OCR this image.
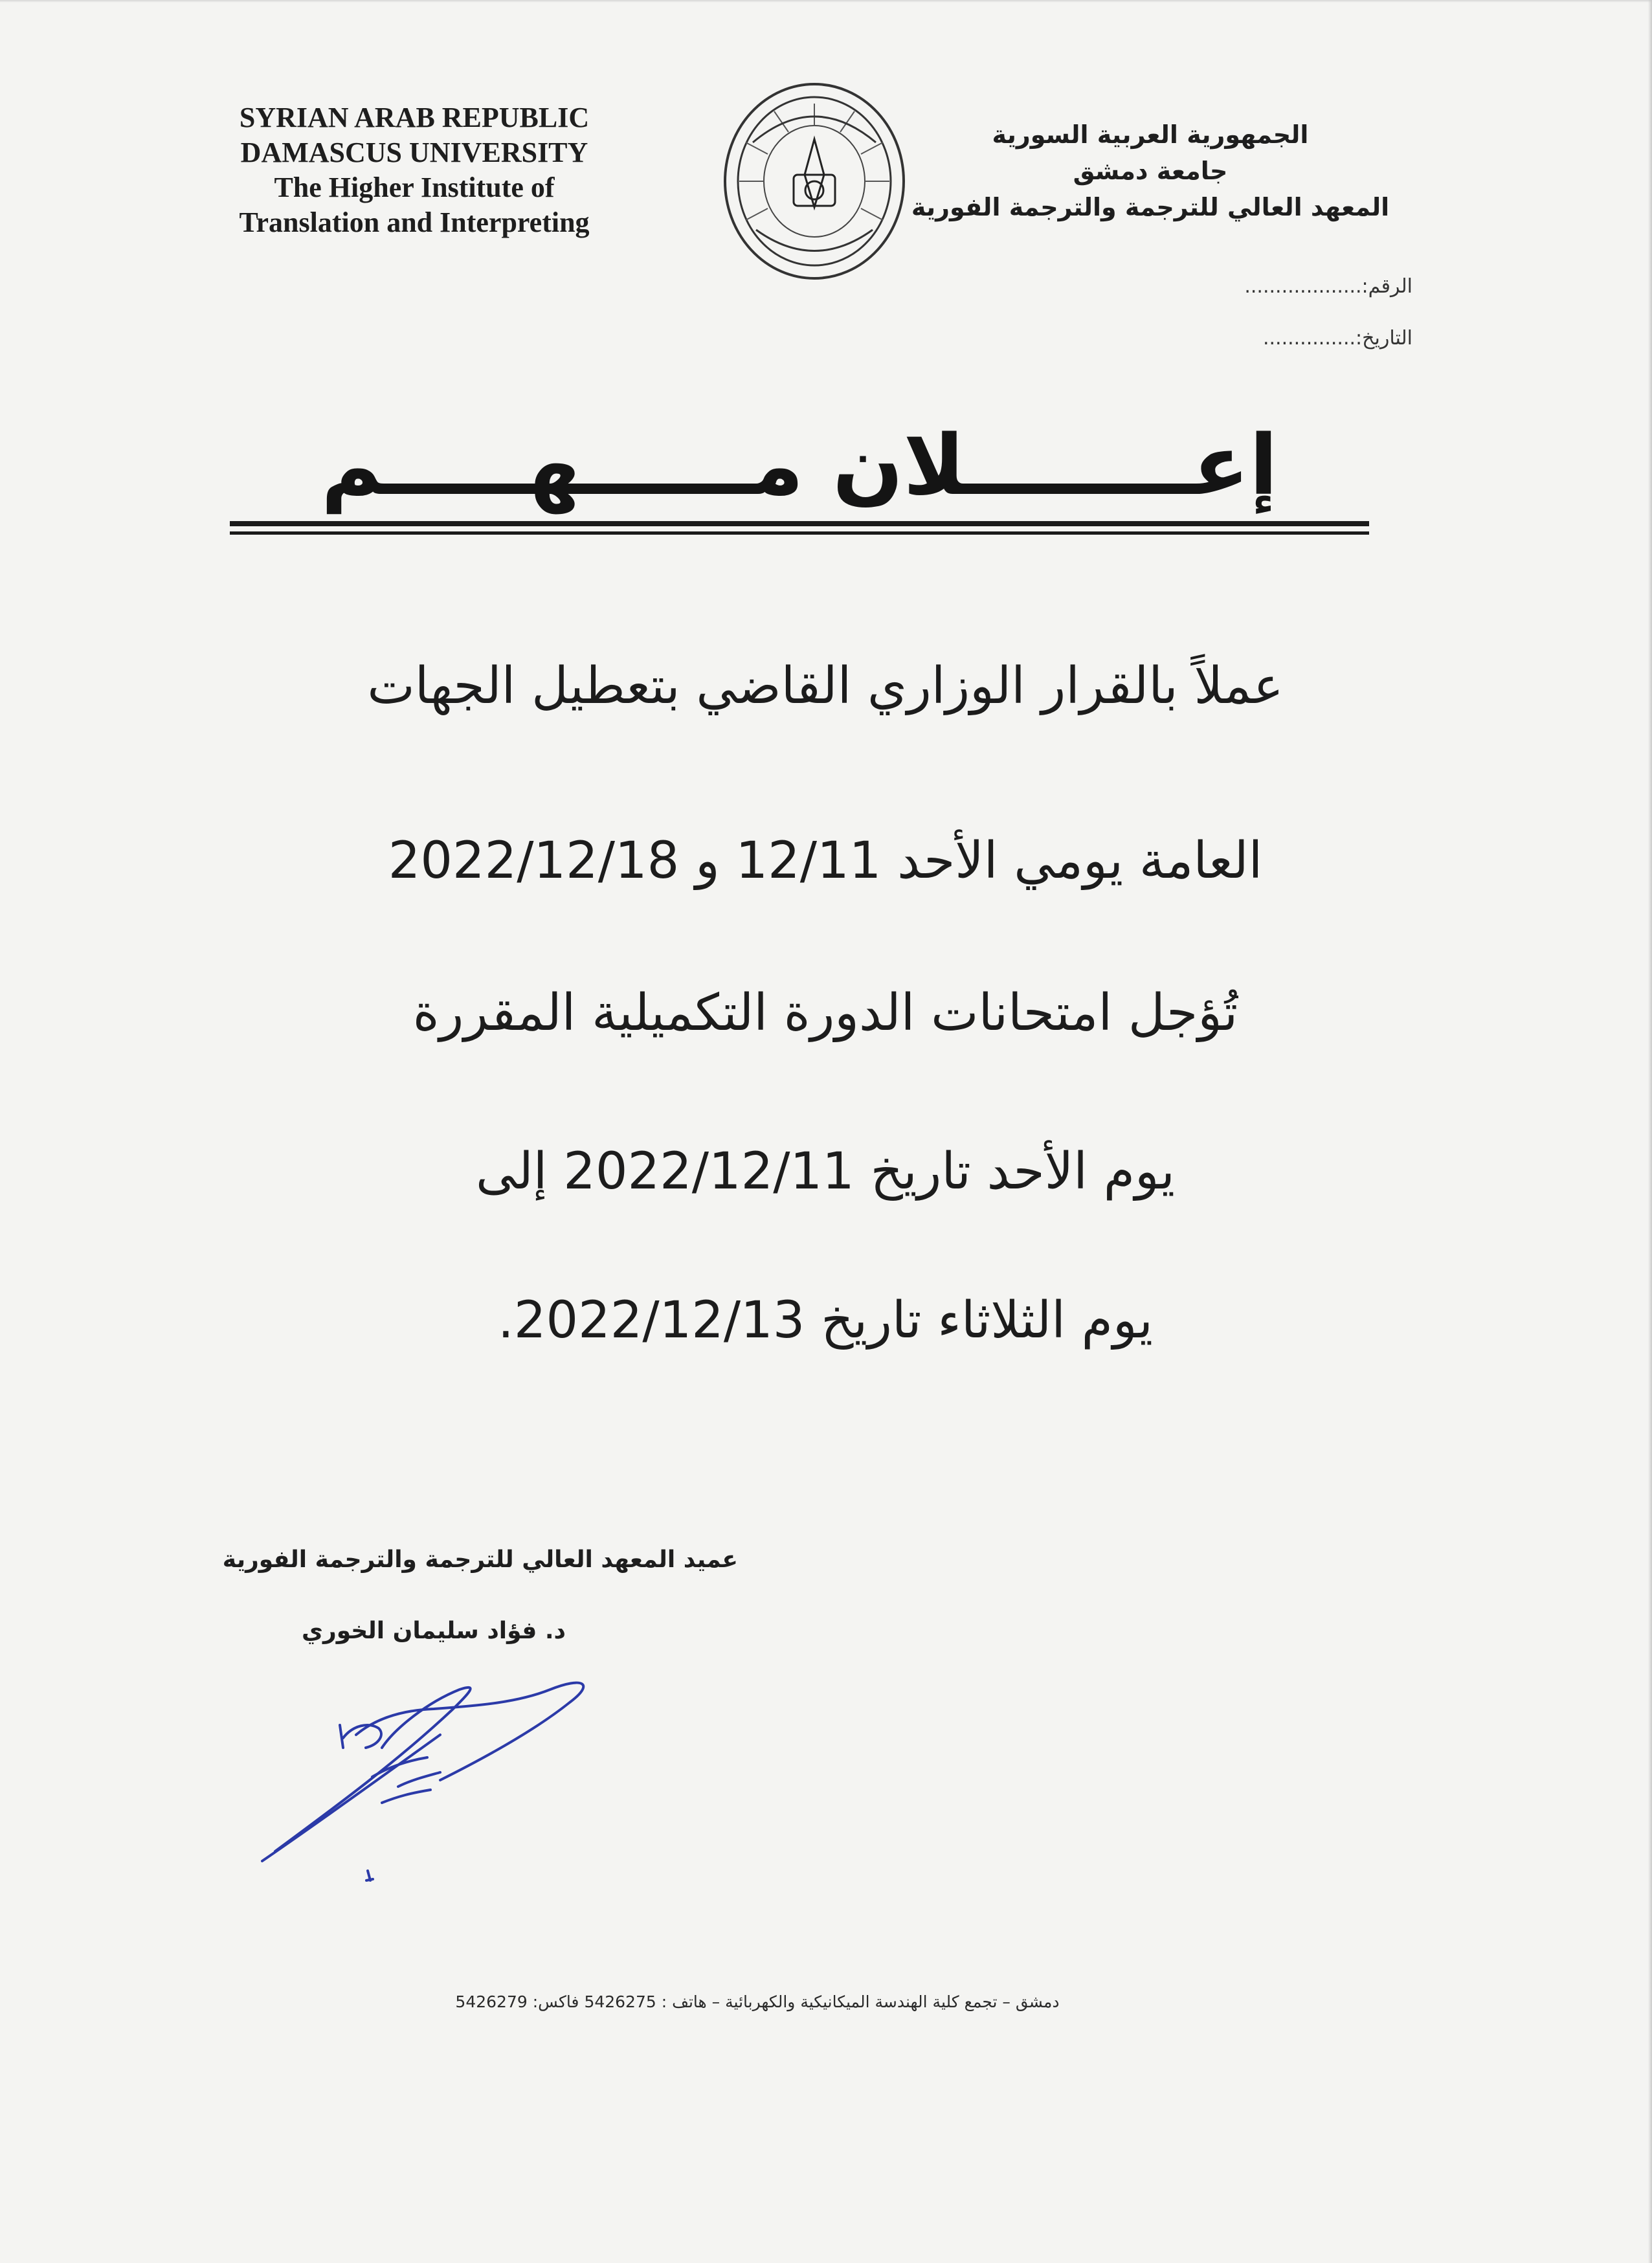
SYRIAN ARAB REPUBLIC
DAMASCUS UNIVERSITY
The Higher Institute of
Translation and Interpreting
الجمهورية العربية السورية
جامعة دمشق
المعهد العالي للترجمة والترجمة الفورية
الرقم:...................
التاريخ:...............
إعــــــــلان مــــــهـــــم
عملاً بالقرار الوزاري القاضي بتعطيل الجهات
العامة يومي الأحد 12/11 و 2022/12/18
تُؤجل امتحانات الدورة التكميلية المقررة
يوم الأحد تاريخ 2022/12/11 إلى
يوم الثلاثاء تاريخ 2022/12/13.
عميد المعهد العالي للترجمة والترجمة الفورية
د. فؤاد سليمان الخوري
دمشق – تجمع كلية الهندسة الميكانيكية والكهربائية – هاتف : 5426275 فاكس: 5426279
